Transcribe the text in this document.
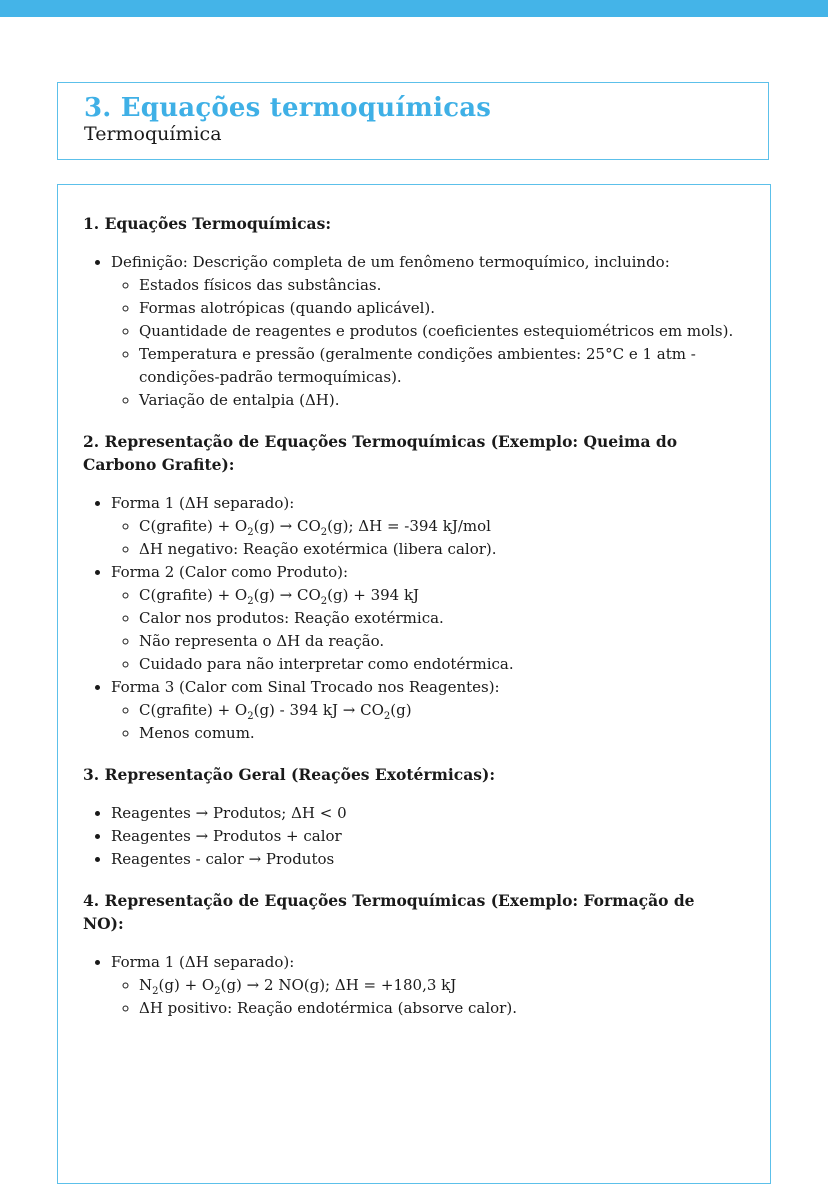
3. Equações termoquímicas
Termoquímica
1. Equações Termoquímicas:
• Definição: Descrição completa de um fenômeno termoquímico, incluindo:
◦ Estados físicos das substâncias.
◦ Formas alotrópicas (quando aplicável).
◦ Quantidade de reagentes e produtos (coeficientes estequiométricos em mols).
◦ Temperatura e pressão (geralmente condições ambientes: 25°C e 1 atm - condições-padrão termoquímicas).
◦ Variação de entalpia (ΔH).
2. Representação de Equações Termoquímicas (Exemplo: Queima do Carbono Grafite):
• Forma 1 (ΔH separado):
◦ C(grafite) + $O_2(g) \to CO_2(g)$; ΔH = -394 kJ/mol
◦ ΔH negativo: Reação exotérmica (libera calor).
• Forma 2 (Calor como Produto):
◦ C(grafite) + $O_2(g) \to CO_2(g) + 394$ kJ
◦ Calor nos produtos: Reação exotérmica.
◦ Não representa o ΔH da reação.
◦ Cuidado para não interpretar como endotérmica.
• Forma 3 (Calor com Sinal Trocado nos Reagentes):
◦ C(grafite) + $O_2(g) - 394$ kJ → $CO_2(g)$
◦ Menos comum.
3. Representação Geral (Reações Exotérmicas):
• Reagentes → Produtos; ΔH < 0
• Reagentes → Produtos + calor
• Reagentes - calor → Produtos
4. Representação de Equações Termoquímicas (Exemplo: Formação de NO):
• Forma 1 (ΔH separado):
◦ $N_2(g) + O_2(g) \to 2$ NO(g); ΔH = +180,3 kJ
◦ ΔH positivo: Reação endotérmica (absorve calor).
